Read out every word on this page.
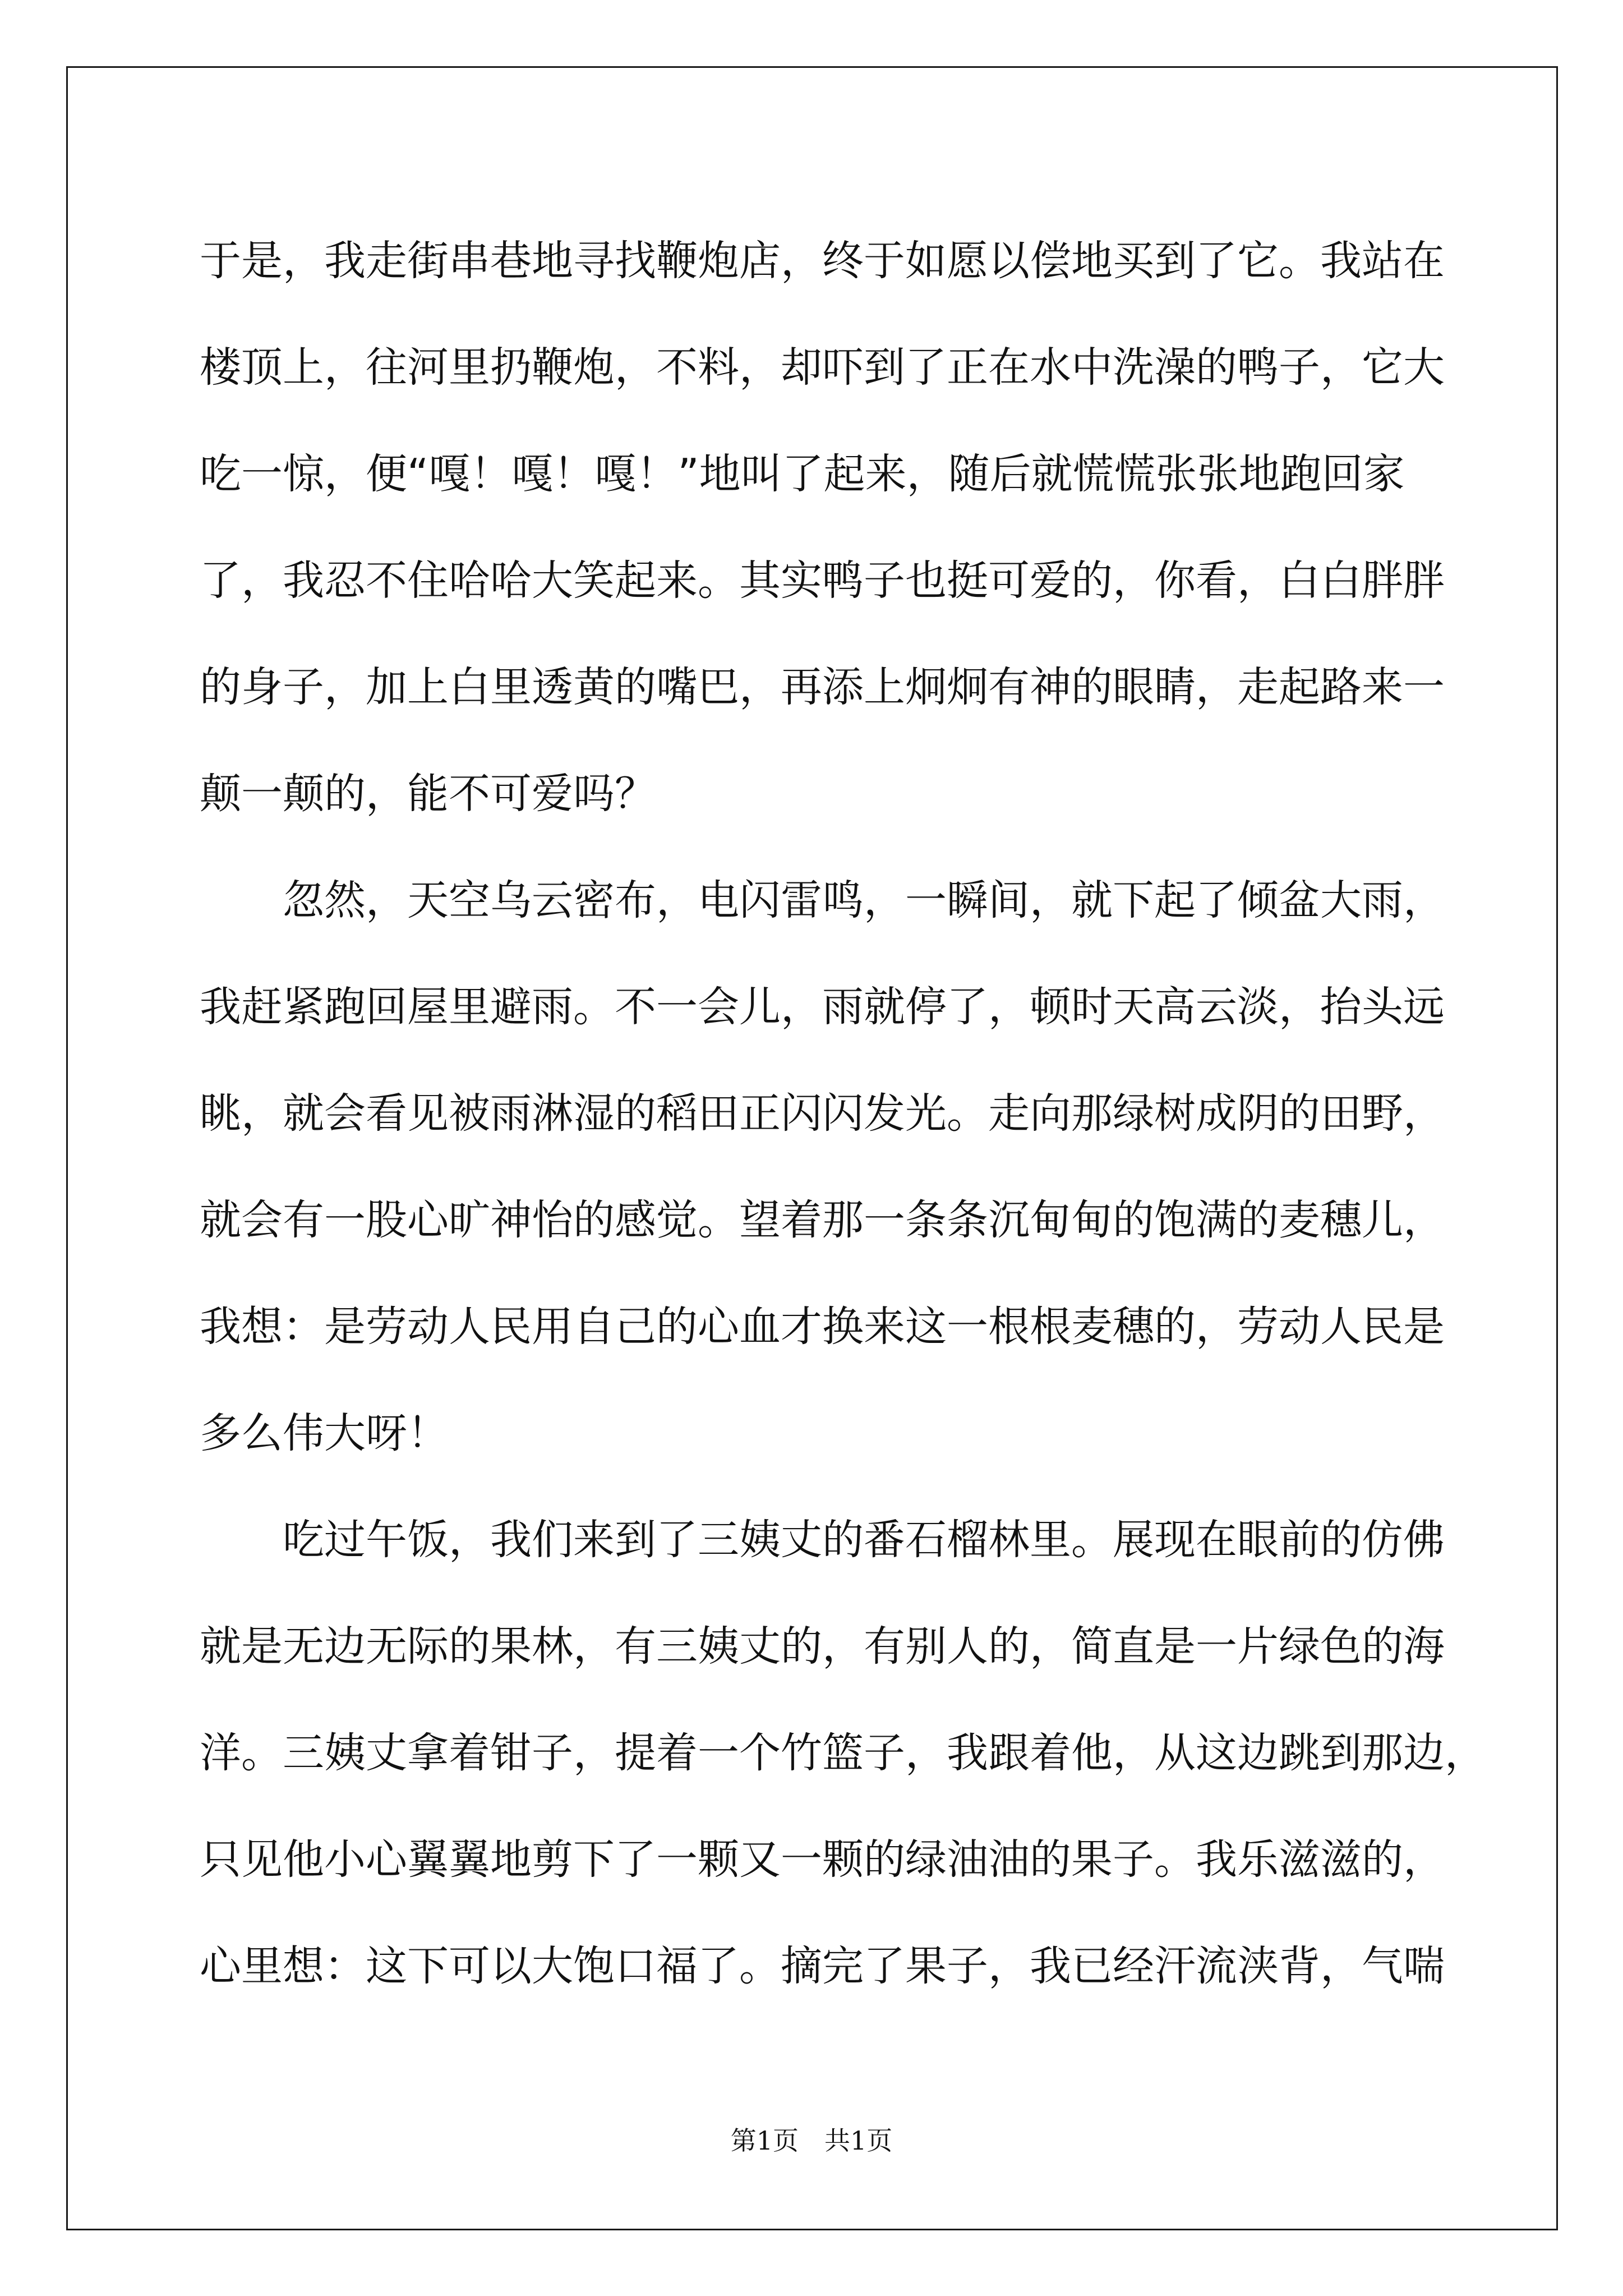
于是，我走街串巷地寻找鞭炮店，终于如愿以偿地买到了它。我站在
楼顶上，往河里扔鞭炮，不料，却吓到了正在水中洗澡的鸭子，它大
吃一惊，便“嘎！嘎！嘎！”地叫了起来，随后就慌慌张张地跑回家
了，我忍不住哈哈大笑起来。其实鸭子也挺可爱的，你看，白白胖胖
的身子，加上白里透黄的嘴巴，再添上炯炯有神的眼睛，走起路来一
颠一颠的，能不可爱吗？
　　忽然，天空乌云密布，电闪雷鸣，一瞬间，就下起了倾盆大雨，
我赶紧跑回屋里避雨。不一会儿，雨就停了，顿时天高云淡，抬头远
眺，就会看见被雨淋湿的稻田正闪闪发光。走向那绿树成阴的田野，
就会有一股心旷神怡的感觉。望着那一条条沉甸甸的饱满的麦穗儿，
我想：是劳动人民用自己的心血才换来这一根根麦穗的，劳动人民是
多么伟大呀！
　　吃过午饭，我们来到了三姨丈的番石榴林里。展现在眼前的仿佛
就是无边无际的果林，有三姨丈的，有别人的，简直是一片绿色的海
洋。三姨丈拿着钳子，提着一个竹篮子，我跟着他，从这边跳到那边，
只见他小心翼翼地剪下了一颗又一颗的绿油油的果子。我乐滋滋的，
心里想：这下可以大饱口福了。摘完了果子，我已经汗流浃背，气喘
第1页　共1页
